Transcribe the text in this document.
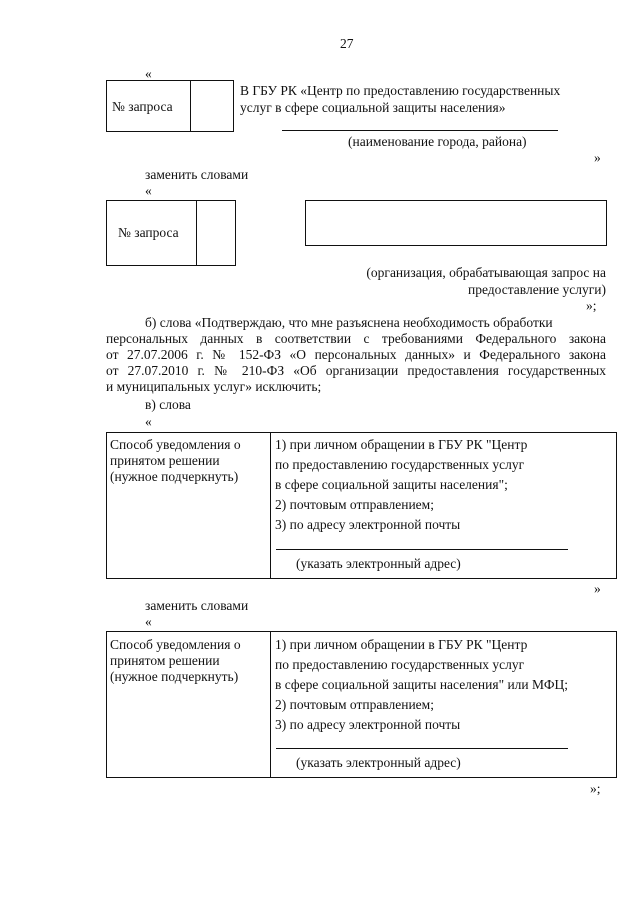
27
«
№ запроса
В ГБУ РК «Центр по предоставлению государственных
услуг в сфере социальной защиты населения»
(наименование города, района)
»
заменить словами
«
№ запроса
(организация, обрабатывающая запрос на
предоставление услуги)
»;
б) слова «Подтверждаю, что мне разъяснена необходимость обработки
персональных данных в соответствии с требованиями Федерального закона
от 27.07.2006 г. № 152-ФЗ «О персональных данных» и Федерального закона
от 27.07.2010 г. № 210-ФЗ «Об организации предоставления государственных
и муниципальных услуг» исключить;
в) слова
«
Способ уведомления о
принятом решении
(нужное подчеркнуть)
1) при личном обращении в ГБУ РК "Центр
по предоставлению государственных услуг
в сфере социальной защиты населения";
2) почтовым отправлением;
3) по адресу электронной почты
(указать электронный адрес)
»
заменить словами
«
Способ уведомления о
принятом решении
(нужное подчеркнуть)
1) при личном обращении в ГБУ РК "Центр
по предоставлению государственных услуг
в сфере социальной защиты населения" или МФЦ;
2) почтовым отправлением;
3) по адресу электронной почты
(указать электронный адрес)
»;
